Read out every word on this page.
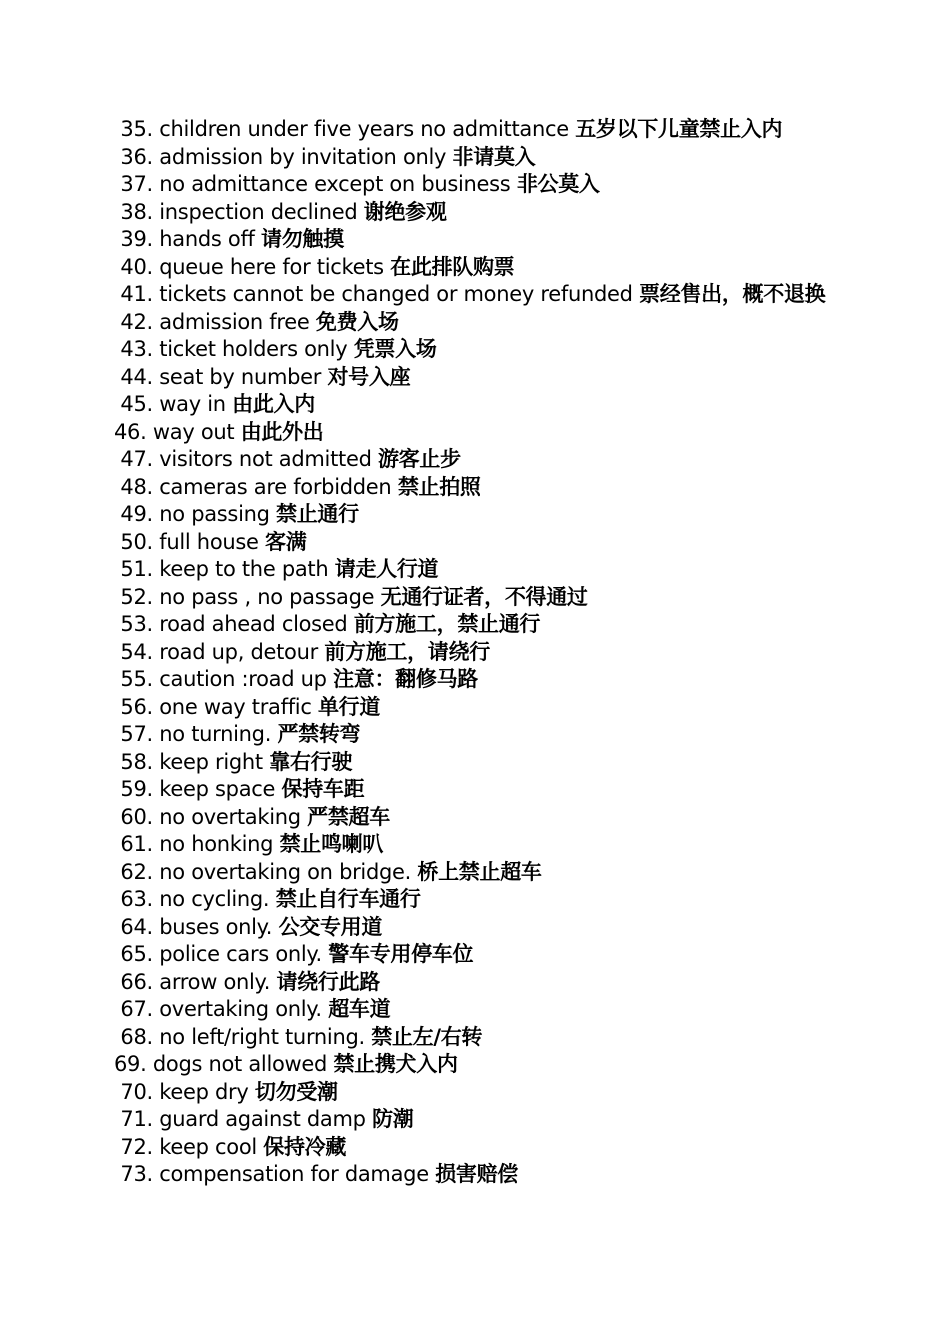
35. children under five years no admittance 五岁以下儿童禁止入内
36. admission by invitation only 非请莫入
37. no admittance except on business 非公莫入
38. inspection declined 谢绝参观
39. hands off 请勿触摸
40. queue here for tickets 在此排队购票
41. tickets cannot be changed or money refunded 票经售出，概不退换
42. admission free 免费入场
43. ticket holders only 凭票入场
44. seat by number 对号入座
45. way in 由此入内
46. way out 由此外出
47. visitors not admitted 游客止步
48. cameras are forbidden 禁止拍照
49. no passing 禁止通行
50. full house 客满
51. keep to the path 请走人行道
52. no pass , no passage 无通行证者，不得通过
53. road ahead closed 前方施工，禁止通行
54. road up, detour 前方施工，请绕行
55. caution :road up 注意：翻修马路
56. one way traffic 单行道
57. no turning. 严禁转弯
58. keep right 靠右行驶
59. keep space 保持车距
60. no overtaking 严禁超车
61. no honking 禁止鸣喇叭
62. no overtaking on bridge. 桥上禁止超车
63. no cycling. 禁止自行车通行
64. buses only. 公交专用道
65. police cars only. 警车专用停车位
66. arrow only. 请绕行此路
67. overtaking only. 超车道
68. no left/right turning. 禁止左/右转
69. dogs not allowed 禁止携犬入内
70. keep dry 切勿受潮
71. guard against damp 防潮
72. keep cool 保持冷藏
73. compensation for damage 损害赔偿
